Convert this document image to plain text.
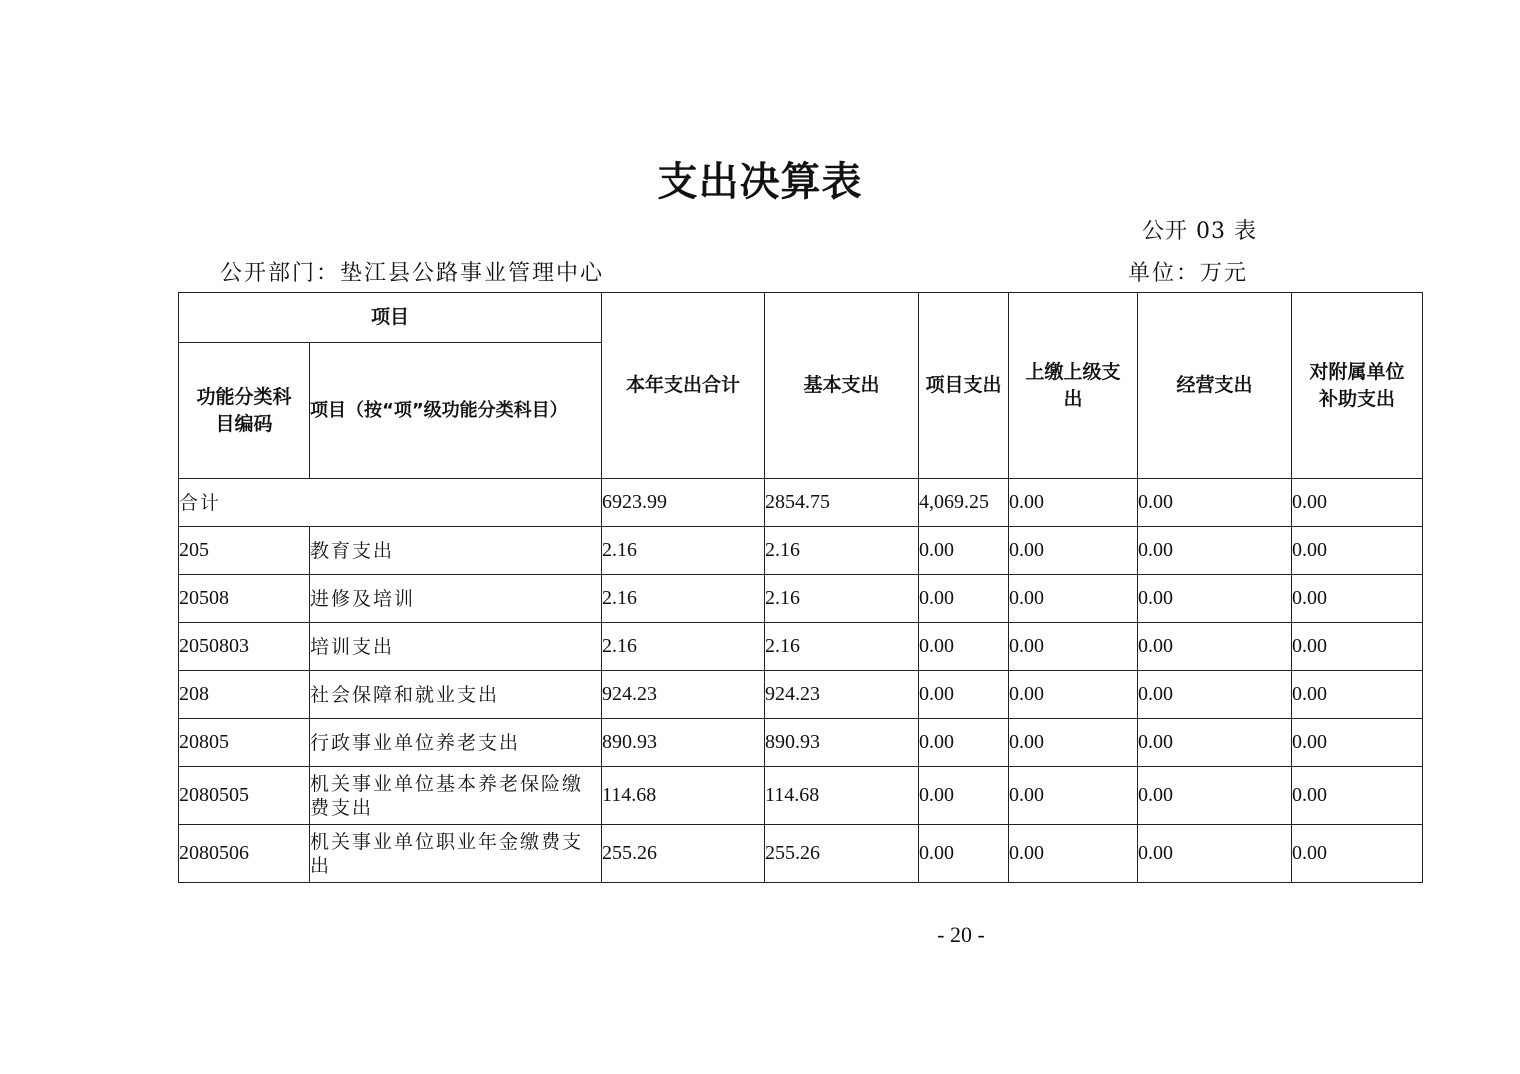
支出决算表
公开 03 表
公开部门：垫江县公路事业管理中心	单位：万元
项目		本年支出合计	基本支出	项目支出	上缴上级支出	经营支出	对附属单位补助支出

功能分类科目编码	项目（按“项”级功能分类科目）						
合计		6923.99	2854.75	4,069.25	0.00	0.00	0.00
205	教育支出	2.16	2.16	0.00	0.00	0.00	0.00
20508	进修及培训	2.16	2.16	0.00	0.00	0.00	0.00
2050803	培训支出	2.16	2.16	0.00	0.00	0.00	0.00
208	社会保障和就业支出	924.23	924.23	0.00	0.00	0.00	0.00
20805	行政事业单位养老支出	890.93	890.93	0.00	0.00	0.00	0.00
2080505	机关事业单位基本养老保险缴费支出	114.68	114.68	0.00	0.00	0.00	0.00
2080506	机关事业单位职业年金缴费支出	255.26	255.26	0.00	0.00	0.00	0.00
- 20 -
